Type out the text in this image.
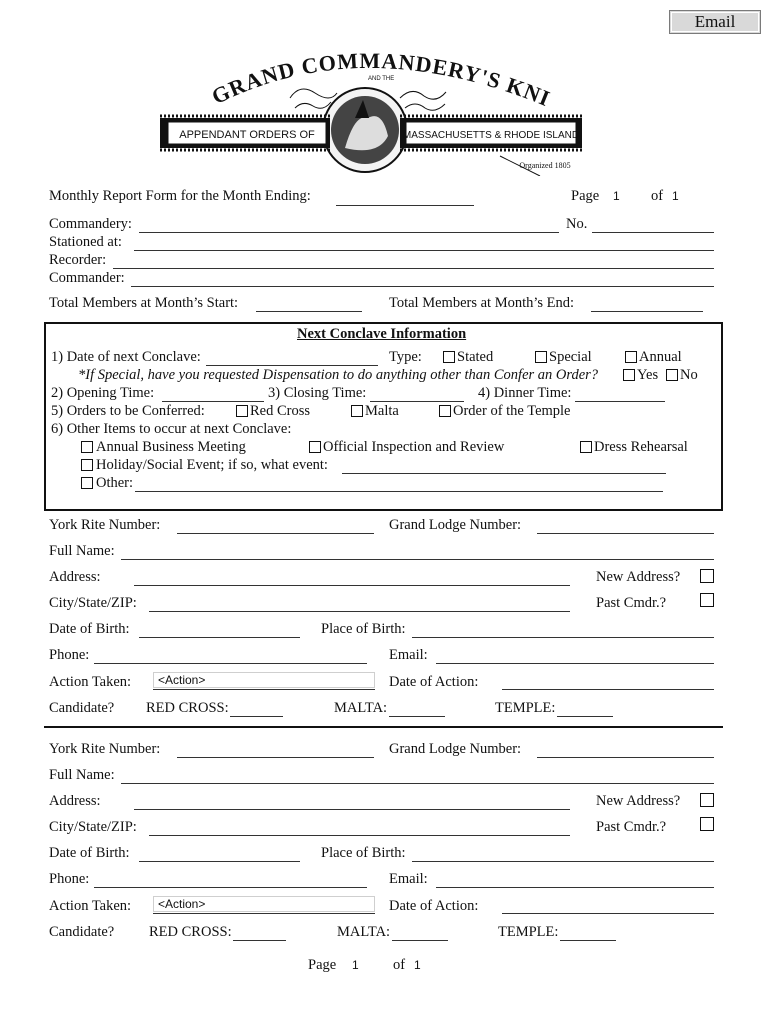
Email
GRAND COMMANDERY'S KNI
AND THE
APPENDANT ORDERS OF	MASSACHUSETTS & RHODE ISLAND
Organized 1805
Monthly Report Form for the Month Ending:	Page 1 of 1
Commandery:	No.
Stationed at:
Recorder:
Commander:
Total Members at Month’s Start:	Total Members at Month’s End:
Next Conclave Information
1) Date of next Conclave:	Type: Stated	Special	Annual
*If Special, have you requested Dispensation to do anything other than Confer an Order?	Yes No
2) Opening Time:	3) Closing Time:	4) Dinner Time:
5) Orders to be Conferred:	Red Cross	Malta	Order of the Temple
6) Other Items to occur at next Conclave:
Annual Business Meeting	Official Inspection and Review	Dress Rehearsal
Holiday/Social Event; if so, what event:
Other:
York Rite Number:	Grand Lodge Number:
Full Name:
Address:	New Address?
City/State/ZIP:	Past Cmdr.?
Date of Birth:	Place of Birth:
Phone:	Email:
Action Taken:	<Action>	Date of Action:
Candidate? RED CROSS:	MALTA:	TEMPLE:
York Rite Number:	Grand Lodge Number:
Full Name:
Address:	New Address?
City/State/ZIP:	Past Cmdr.?
Date of Birth:	Place of Birth:
Phone:	Email:
Action Taken:	<Action>	Date of Action:
Candidate? RED CROSS:	MALTA:	TEMPLE:
Page 1 of 1
